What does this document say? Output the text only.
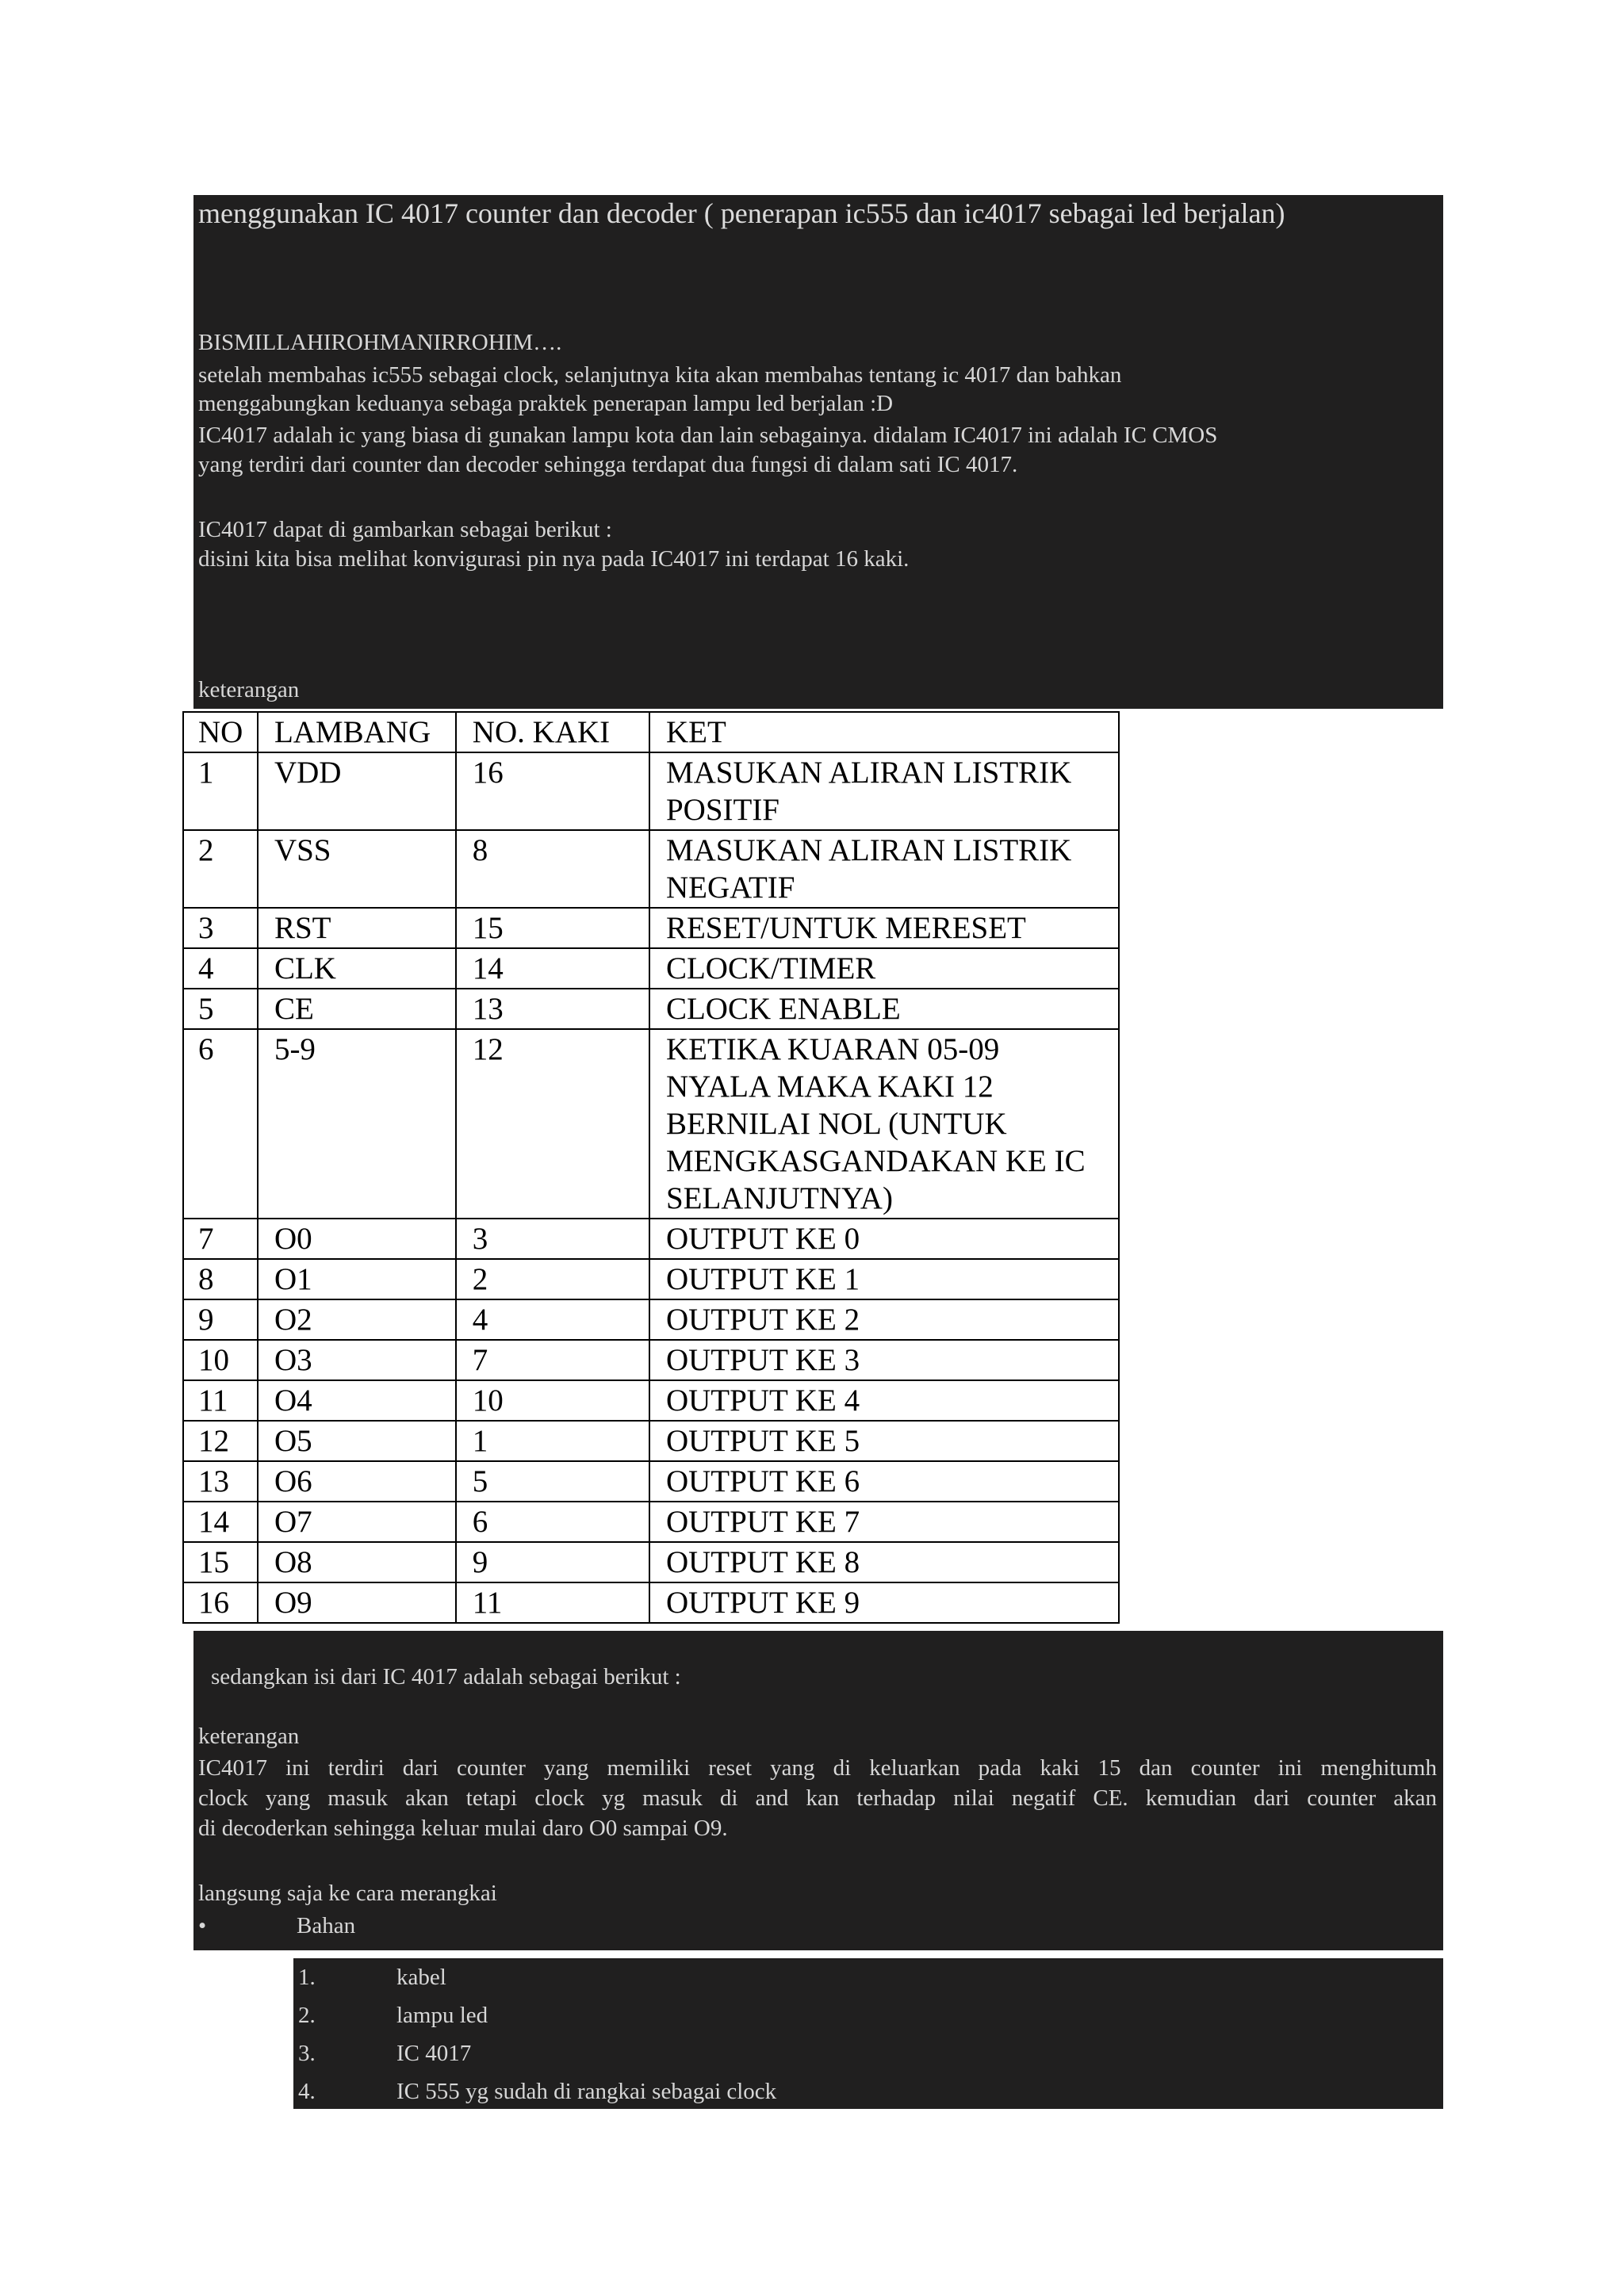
menggunakan IC 4017 counter dan decoder ( penerapan ic555 dan ic4017 sebagai led berjalan)
BISMILLAHIROHMANIRROHIM….
setelah membahas ic555 sebagai clock, selanjutnya kita akan membahas tentang ic 4017 dan bahkan
menggabungkan keduanya sebaga praktek penerapan lampu led berjalan :D
IC4017 adalah ic yang biasa di gunakan lampu kota dan lain sebagainya. didalam IC4017 ini adalah IC CMOS
yang terdiri dari counter dan decoder sehingga terdapat dua fungsi di dalam sati IC 4017.
IC4017 dapat di gambarkan sebagai berikut :
disini kita bisa melihat konvigurasi pin nya pada IC4017 ini terdapat 16 kaki.
keterangan
NO	LAMBANG	NO. KAKI	KET
1	VDD	16	MASUKAN ALIRAN LISTRIK POSITIF
2	VSS	8	MASUKAN ALIRAN LISTRIK NEGATIF
3	RST	15	RESET/UNTUK MERESET
4	CLK	14	CLOCK/TIMER
5	CE	13	CLOCK ENABLE
6	5-9	12	KETIKA KUARAN 05-09 NYALA MAKA KAKI 12 BERNILAI NOL (UNTUK MENGKASGANDAKAN KE IC SELANJUTNYA)
7	O0	3	OUTPUT KE 0
8	O1	2	OUTPUT KE 1
9	O2	4	OUTPUT KE 2
10	O3	7	OUTPUT KE 3
11	O4	10	OUTPUT KE 4
12	O5	1	OUTPUT KE 5
13	O6	5	OUTPUT KE 6
14	O7	6	OUTPUT KE 7
15	O8	9	OUTPUT KE 8
16	O9	11	OUTPUT KE 9
sedangkan isi dari IC 4017 adalah sebagai berikut :
keterangan
IC4017 ini terdiri dari counter yang memiliki reset yang di keluarkan pada kaki 15 dan counter ini menghitumh
clock yang masuk akan tetapi clock yg masuk di and kan terhadap nilai negatif CE. kemudian dari counter akan
di decoderkan sehingga keluar mulai daro O0 sampai O9.
langsung saja ke cara merangkai
•	Bahan
1.	kabel
2.	lampu led
3.	IC 4017
4.	IC 555 yg sudah di rangkai sebagai clock
